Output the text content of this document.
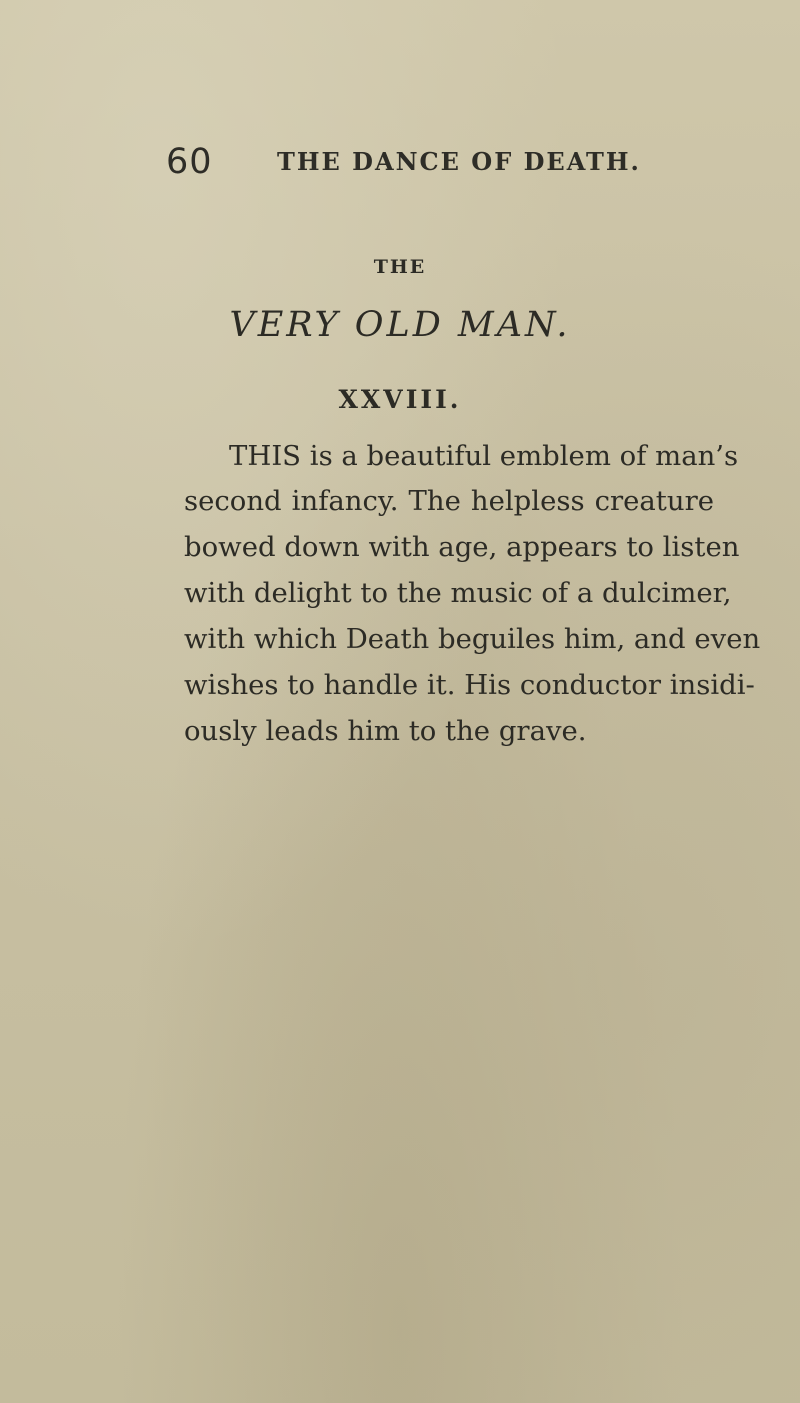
60	THE DANCE OF DEATH.
THE
VERY OLD MAN.
XXVIII.
THIS is a beautiful emblem of man’s
second infancy. The helpless creature
bowed down with age, appears to listen
with delight to the music of a dulcimer,
with which Death beguiles him, and even
wishes to handle it. His conductor insidi-
ously leads him to the grave.
